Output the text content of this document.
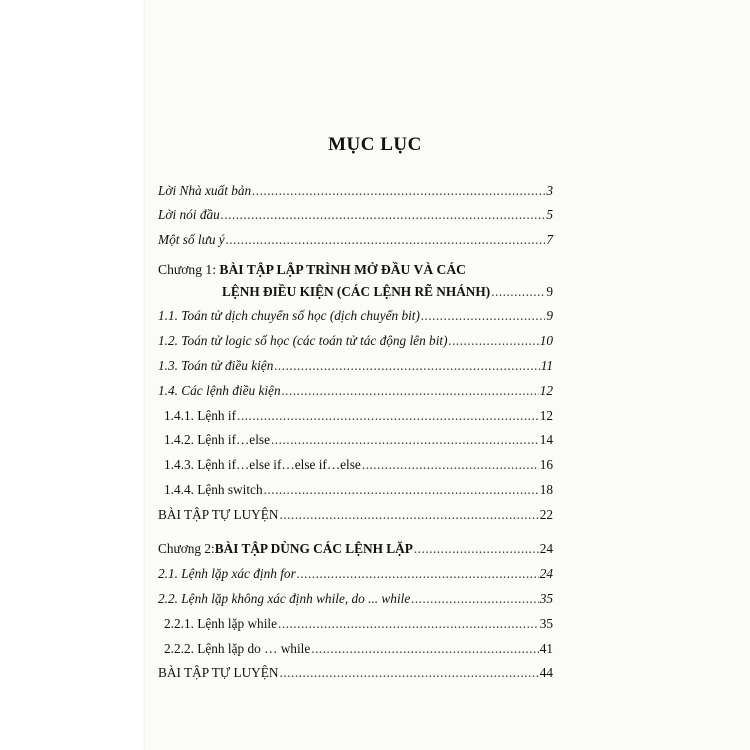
MỤC LỤC
Lời Nhà xuất bản .....	3
Lời nói đầu .....	5
Một số lưu ý .....	7
Chương 1: BÀI TẬP LẬP TRÌNH MỞ ĐẦU VÀ CÁC
LỆNH ĐIỀU KIỆN (CÁC LỆNH RẼ NHÁNH) .....	9
1.1. Toán tử dịch chuyển số học (dịch chuyển bit) .....	9
1.2. Toán tử logic số học (các toán tử tác động lên bit) .....	10
1.3. Toán tử điều kiện .....	11
1.4. Các lệnh điều kiện .....	12
1.4.1. Lệnh if .....	12
1.4.2. Lệnh if…else .....	14
1.4.3. Lệnh if…else if…else if…else .....	16
1.4.4. Lệnh switch .....	18
BÀI TẬP TỰ LUYỆN .....	22
Chương 2: BÀI TẬP DÙNG CÁC LỆNH LẶP .....	24
2.1. Lệnh lặp xác định for .....	24
2.2. Lệnh lặp không xác định while, do ... while .....	35
2.2.1. Lệnh lặp while .....	35
2.2.2. Lệnh lặp do … while .....	41
BÀI TẬP TỰ LUYỆN .....	44
